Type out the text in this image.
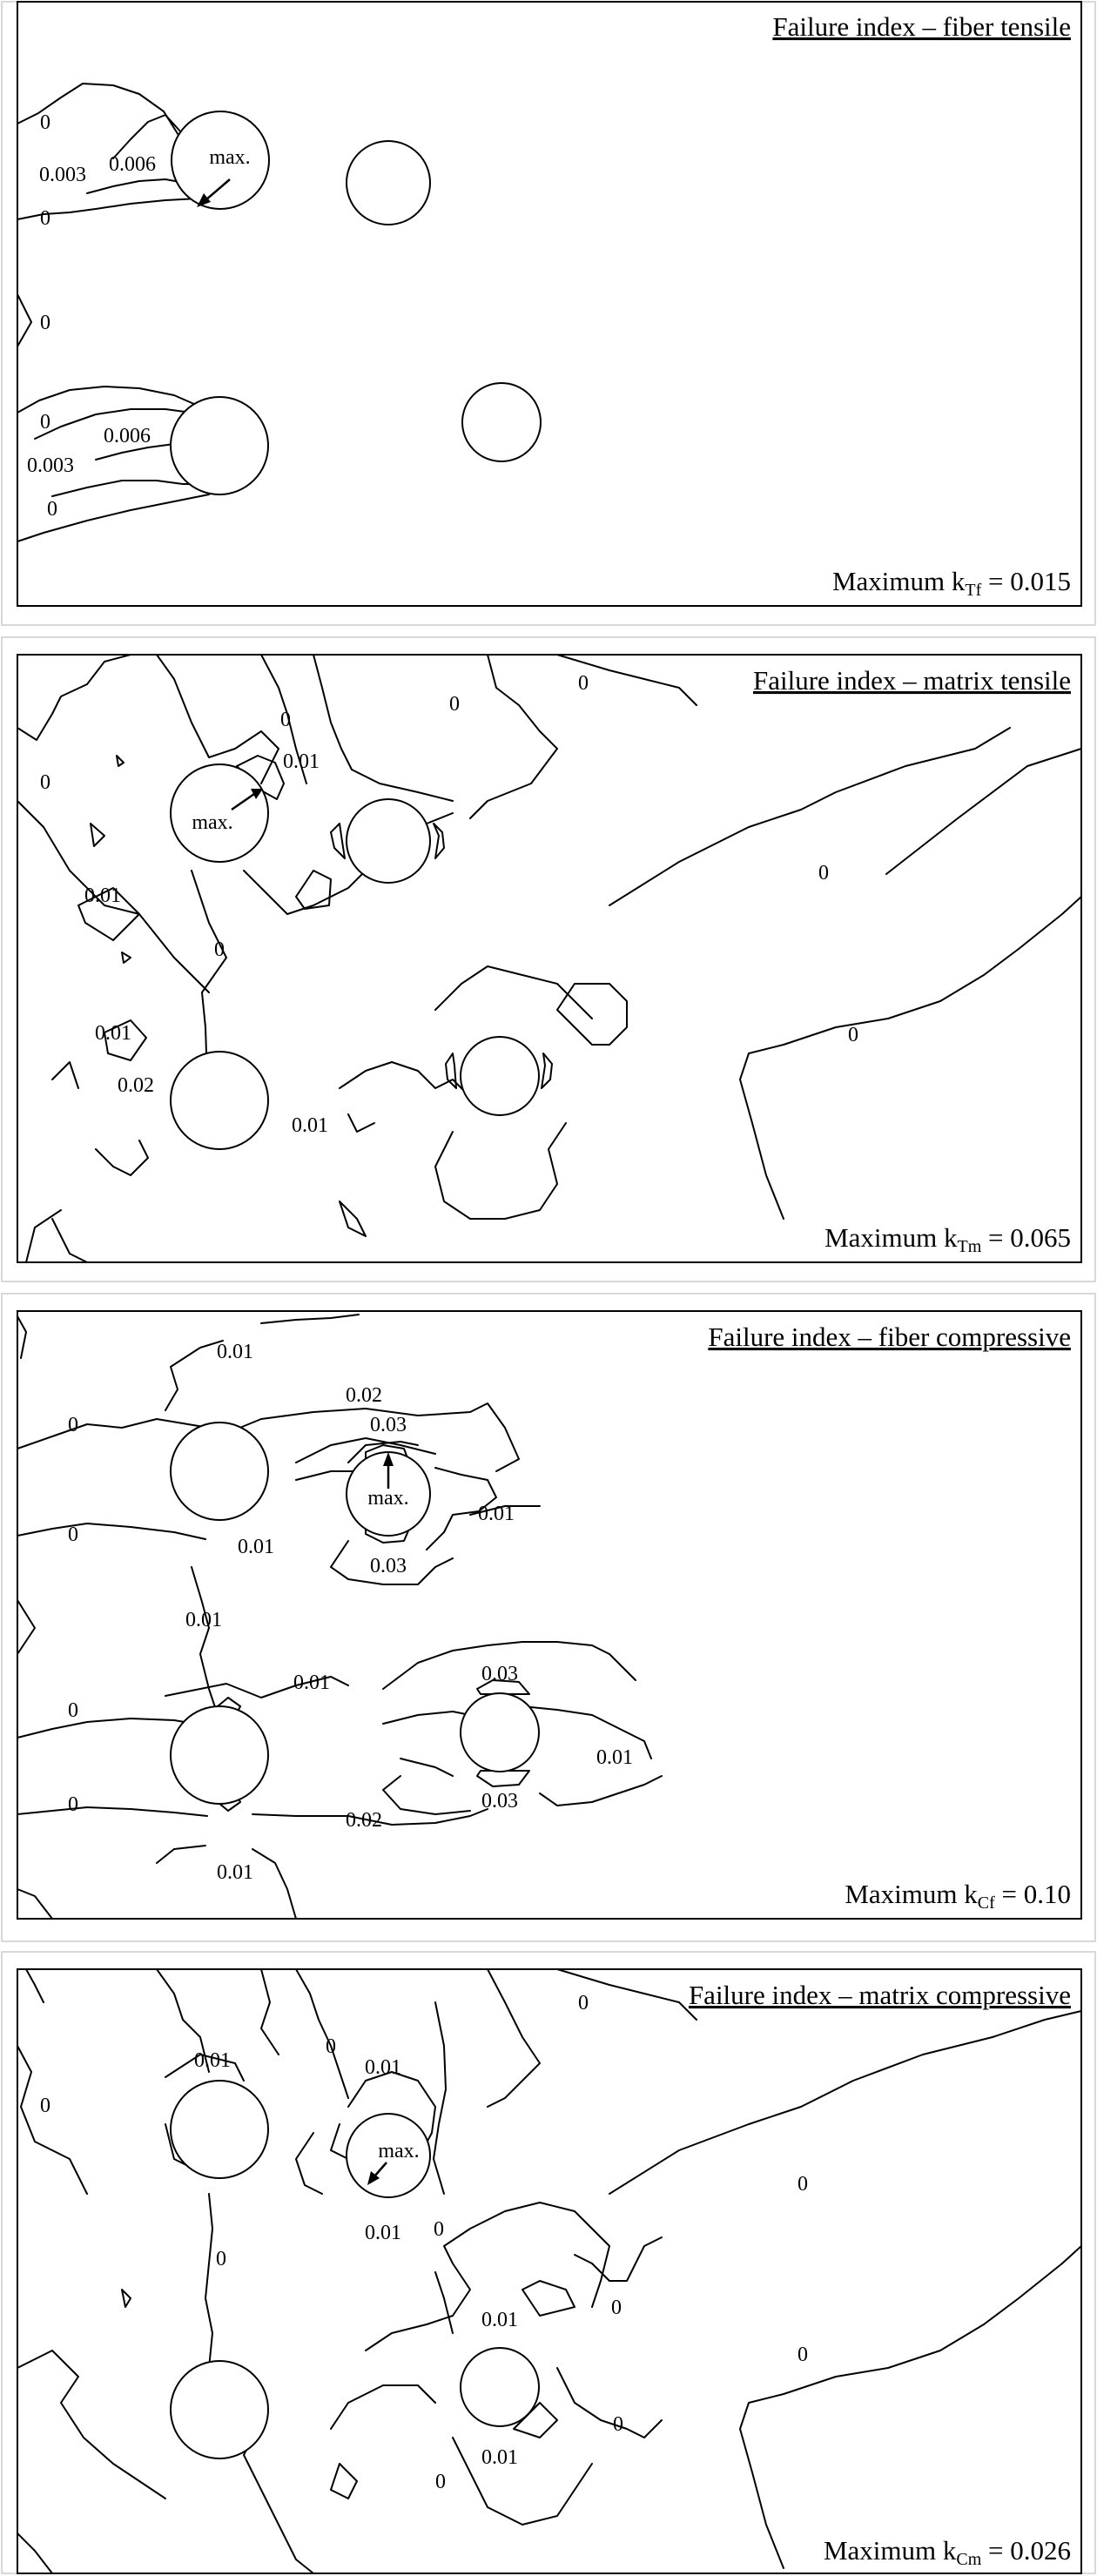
Failure index – fiber tensile
0
0.003 0.006	max.
0
0
0
0.006
0.003
0
Maximum kTf = 0.015
Failure index – matrix tensile
0
0
0
0.01
max.
0
0.01
0
0
0.01
0.02
0.01
0
Maximum kTm = 0.065
Failure index – fiber compressive
0.01
0.02
0.03
max.
0
0
0.01
0.01
0.03
0.01
0.01
0
0
0.03
0.01
0.03
0.02
0.01
Maximum kCf = 0.10
Failure index – matrix compressive
0
0.01
0
0.01
max.
0
0.01 0
0
0
0
0.01
0
0.01
0
0
Maximum kCm = 0.026
